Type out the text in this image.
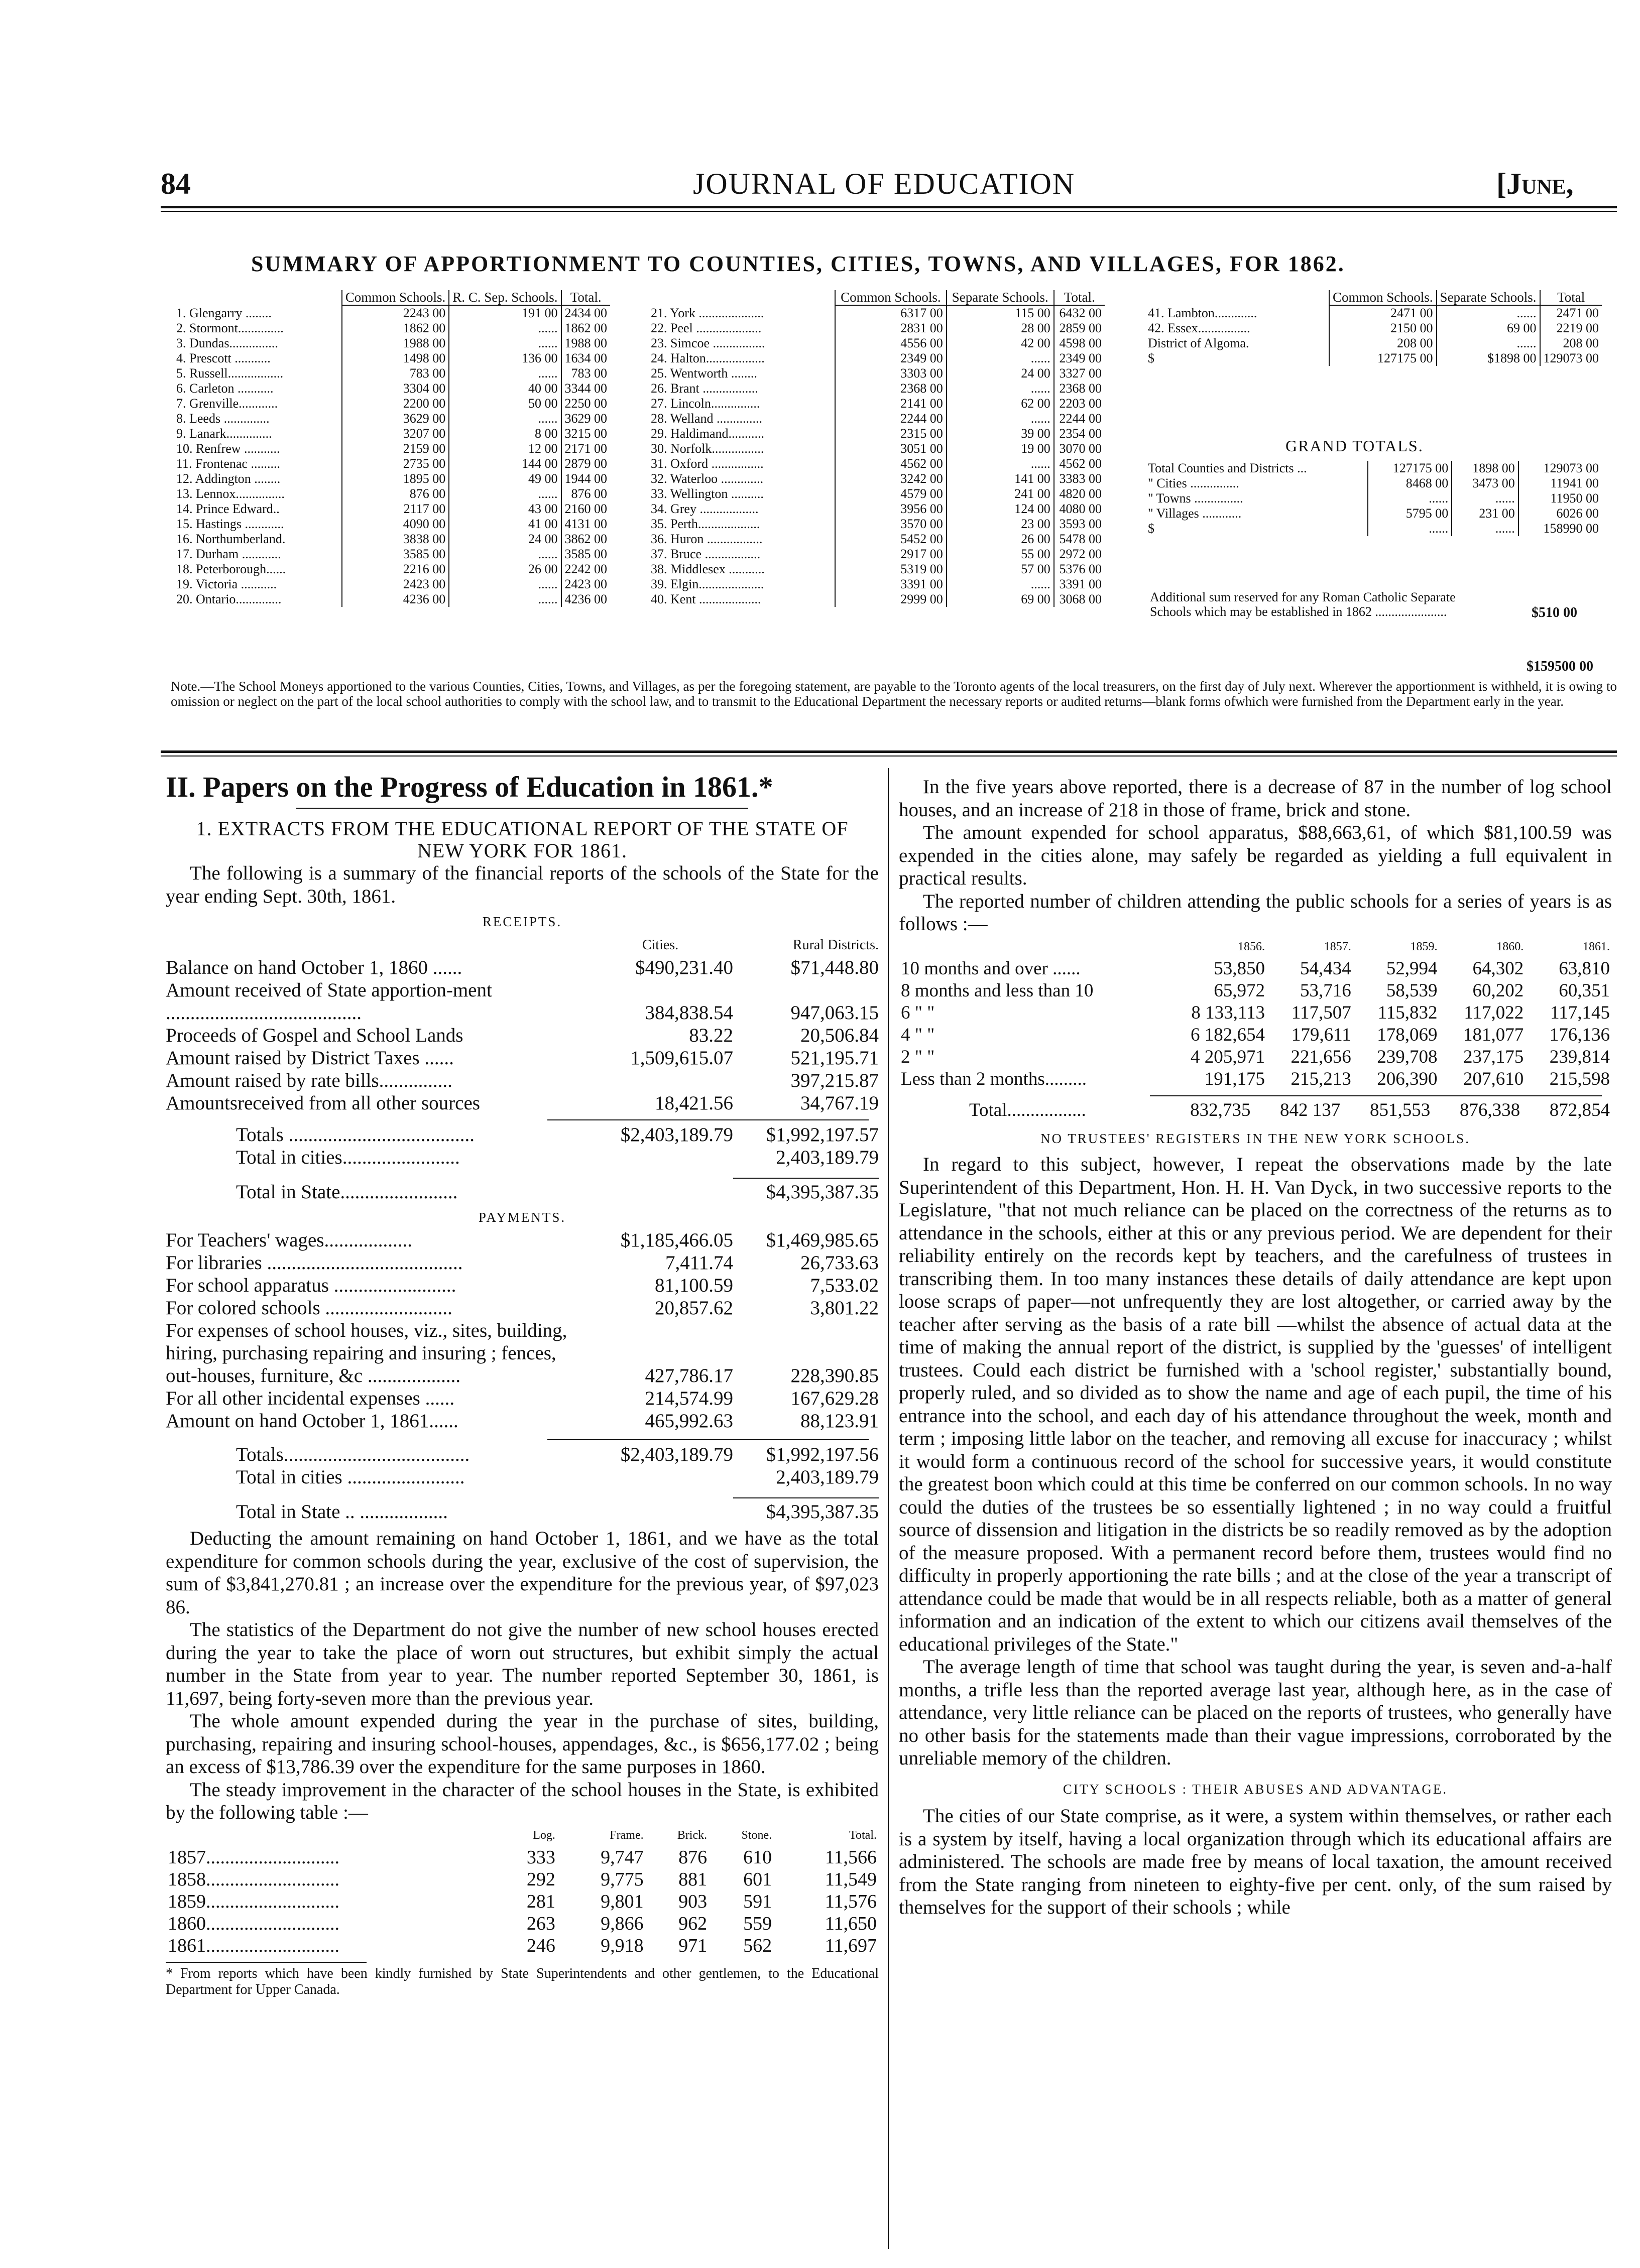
84	JOURNAL OF EDUCATION	[June,
SUMMARY OF APPORTIONMENT TO COUNTIES, CITIES, TOWNS, AND VILLAGES, FOR 1862.
	Common Schools.	R. C. Sep. Schools.	Total.
1. Glengarry ........	2243 00	191 00	2434 00
2. Stormont..............	1862 00	......	1862 00
3. Dundas...............	1988 00	......	1988 00
4. Prescott ...........	1498 00	136 00	1634 00
5. Russell.................	783 00	......	783 00
6. Carleton ...........	3304 00	40 00	3344 00
7. Grenville............	2200 00	50 00	2250 00
8. Leeds ..............	3629 00	......	3629 00
9. Lanark..............	3207 00	8 00	3215 00
10. Renfrew ...........	2159 00	12 00	2171 00
11. Frontenac .........	2735 00	144 00	2879 00
12. Addington ........	1895 00	49 00	1944 00
13. Lennox...............	876 00	......	876 00
14. Prince Edward..	2117 00	43 00	2160 00
15. Hastings ............	4090 00	41 00	4131 00
16. Northumberland.	3838 00	24 00	3862 00
17. Durham ............	3585 00	......	3585 00
18. Peterborough......	2216 00	26 00	2242 00
19. Victoria ...........	2423 00	......	2423 00
20. Ontario..............	4236 00	......	4236 00
	Common Schools.	Separate Schools.	Total.
21. York ....................	6317 00	115 00	6432 00
22. Peel ....................	2831 00	28 00	2859 00
23. Simcoe ................	4556 00	42 00	4598 00
24. Halton..................	2349 00	......	2349 00
25. Wentworth ........	3303 00	24 00	3327 00
26. Brant .................	2368 00	......	2368 00
27. Lincoln...............	2141 00	62 00	2203 00
28. Welland ..............	2244 00	......	2244 00
29. Haldimand...........	2315 00	39 00	2354 00
30. Norfolk................	3051 00	19 00	3070 00
31. Oxford ................	4562 00	......	4562 00
32. Waterloo .............	3242 00	141 00	3383 00
33. Wellington ..........	4579 00	241 00	4820 00
34. Grey ..................	3956 00	124 00	4080 00
35. Perth...................	3570 00	23 00	3593 00
36. Huron .................	5452 00	26 00	5478 00
37. Bruce .................	2917 00	55 00	2972 00
38. Middlesex ...........	5319 00	57 00	5376 00
39. Elgin....................	3391 00	......	3391 00
40. Kent ...................	2999 00	69 00	3068 00
	Common Schools.	Separate Schools.	Total
41. Lambton.............	2471 00	......	2471 00
42. Essex................	2150 00	69 00	2219 00
District of Algoma.	208 00	......	208 00
$	127175 00	$1898 00	129073 00
GRAND TOTALS.
Total Counties and Districts ...	127175 00	1898 00	129073 00
" Cities ...............	8468 00	3473 00	11941 00
" Towns ...............	......	......	11950 00
" Villages ............	5795 00	231 00	6026 00
$	......	......	158990 00
Additional sum reserved for any Roman Catholic Separate Schools which may be established in 1862 ......................	$510 00
$159500 00
Note.—The School Moneys apportioned to the various Counties, Cities, Towns, and Villages, as per the foregoing statement, are payable to the Toronto agents of the local treasurers, on the first day of July next. Wherever the apportionment is withheld, it is owing to omission or neglect on the part of the local school authorities to comply with the school law, and to transmit to the Educational Department the necessary reports or audited returns—blank forms ofwhich were furnished from the Department early in the year.
II. Papers on the Progress of Education in 1861.*
1. EXTRACTS FROM THE EDUCATIONAL REPORT OF THE STATE OF NEW YORK FOR 1861.

The following is a summary of the financial reports of the schools of the State for the year ending Sept. 30th, 1861.

RECEIPTS.
	Cities.	Rural Districts.
Balance on hand October 1, 1860 ......	$490,231.40	$71,448.80
Amount received of State apportion-ment ........................................	384,838.54	947,063.15
Proceeds of Gospel and School Lands	83.22	20,506.84
Amount raised by District Taxes ......	1,509,615.07	521,195.71
Amount raised by rate bills...............		397,215.87
Amountsreceived from all other sources	18,421.56	34,767.19
Totals ......................................	$2,403,189.79	$1,992,197.57
Total in cities........................		2,403,189.79
Total in State........................		$4,395,387.35
PAYMENTS.
For Teachers' wages..................	$1,185,466.05	$1,469,985.65
For libraries ........................................	7,411.74	26,733.63
For school apparatus .........................	81,100.59	7,533.02
For colored schools ..........................	20,857.62	3,801.22
For expenses of school houses, viz., sites, building, hiring, purchasing repairing and insuring ; fences, out-houses, furniture, &c ...................	427,786.17	228,390.85
For all other incidental expenses ......	214,574.99	167,629.28
Amount on hand October 1, 1861......	465,992.63	88,123.91
Totals......................................	$2,403,189.79	$1,992,197.56
Total in cities ........................		2,403,189.79
Total in State .. ..................		$4,395,387.35

Deducting the amount remaining on hand October 1, 1861, and we have as the total expenditure for common schools during the year, exclusive of the cost of supervision, the sum of $3,841,270.81 ; an increase over the expenditure for the previous year, of $97,023 86.

The statistics of the Department do not give the number of new school houses erected during the year to take the place of worn out structures, but exhibit simply the actual number in the State from year to year. The number reported September 30, 1861, is 11,697, being forty-seven more than the previous year.

The whole amount expended during the year in the purchase of sites, building, purchasing, repairing and insuring school-houses, appendages, &c., is $656,177.02 ; being an excess of $13,786.39 over the expenditure for the same purposes in 1860.

The steady improvement in the character of the school houses in the State, is exhibited by the following table :—

	Log.	Frame.	Brick.	Stone.	Total.
1857............................	333	9,747	876	610	11,566
1858............................	292	9,775	881	601	11,549
1859............................	281	9,801	903	591	11,576
1860............................	263	9,866	962	559	11,650
1861............................	246	9,918	971	562	11,697
* From reports which have been kindly furnished by State Superintendents and other gentlemen, to the Educational Department for Upper Canada.

In the five years above reported, there is a decrease of 87 in the number of log school houses, and an increase of 218 in those of frame, brick and stone.

The amount expended for school apparatus, $88,663,61, of which $81,100.59 was expended in the cities alone, may safely be regarded as yielding a full equivalent in practical results.

The reported number of children attending the public schools for a series of years is as follows :—

	1856.	1857.	1859.	1860.	1861.
10 months and over ......	53,850	54,434	52,994	64,302	63,810
8 months and less than 10	65,972	53,716	58,539	60,202	60,351
6 " "	8 133,113	117,507	115,832	117,022	117,145
4 " "	6 182,654	179,611	178,069	181,077	176,136
2 " "	4 205,971	221,656	239,708	237,175	239,814
Less than 2 months.........	191,175	215,213	206,390	207,610	215,598
Total.................	832,735	842 137	851,553	876,338	872,854
NO TRUSTEES' REGISTERS IN THE NEW YORK SCHOOLS.

In regard to this subject, however, I repeat the observations made by the late Superintendent of this Department, Hon. H. H. Van Dyck, in two successive reports to the Legislature, "that not much reliance can be placed on the correctness of the returns as to attendance in the schools, either at this or any previous period. We are dependent for their reliability entirely on the records kept by teachers, and the carefulness of trustees in transcribing them. In too many instances these details of daily attendance are kept upon loose scraps of paper—not unfrequently they are lost altogether, or carried away by the teacher after serving as the basis of a rate bill —whilst the absence of actual data at the time of making the annual report of the district, is supplied by the 'guesses' of intelligent trustees. Could each district be furnished with a 'school register,' substantially bound, properly ruled, and so divided as to show the name and age of each pupil, the time of his entrance into the school, and each day of his attendance throughout the week, month and term ; imposing little labor on the teacher, and removing all excuse for inaccuracy ; whilst it would form a continuous record of the school for successive years, it would constitute the greatest boon which could at this time be conferred on our common schools. In no way could the duties of the trustees be so essentially lightened ; in no way could a fruitful source of dissension and litigation in the districts be so readily removed as by the adoption of the measure proposed. With a permanent record before them, trustees would find no difficulty in properly apportioning the rate bills ; and at the close of the year a transcript of attendance could be made that would be in all respects reliable, both as a matter of general information and an indication of the extent to which our citizens avail themselves of the educational privileges of the State."

The average length of time that school was taught during the year, is seven and-a-half months, a trifle less than the reported average last year, although here, as in the case of attendance, very little reliance can be placed on the reports of trustees, who generally have no other basis for the statements made than their vague impressions, corroborated by the unreliable memory of the children.

CITY SCHOOLS : THEIR ABUSES AND ADVANTAGE.

The cities of our State comprise, as it were, a system within themselves, or rather each is a system by itself, having a local organization through which its educational affairs are administered. The schools are made free by means of local taxation, the amount received from the State ranging from nineteen to eighty-five per cent. only, of the sum raised by themselves for the support of their schools ; while
